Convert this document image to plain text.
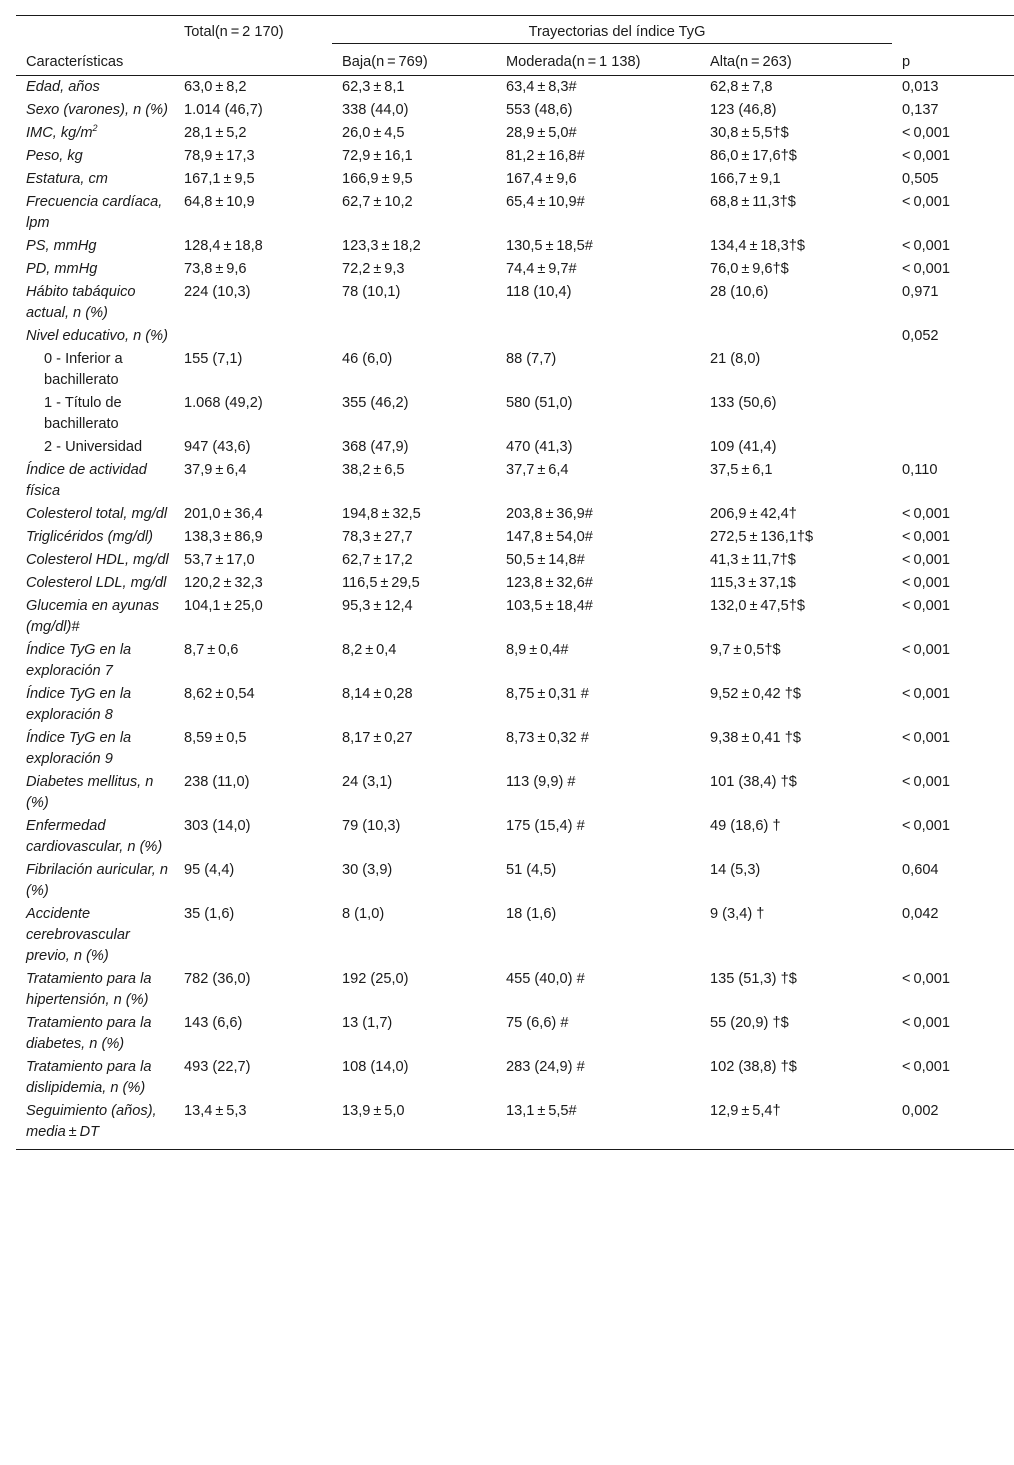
Características	Total(n = 2 170)	Trayectorias del índice TyG			
		Baja(n = 769)	Moderada(n = 1 138)	Alta(n = 263)	p
Edad, años	63,0 ± 8,2	62,3 ± 8,1	63,4 ± 8,3#	62,8 ± 7,8	0,013
Sexo (varones), n (%)	1.014 (46,7)	338 (44,0)	553 (48,6)	123 (46,8)	0,137
IMC, $kg/m^2$	28,1 ± 5,2	26,0 ± 4,5	28,9 ± 5,0#	30,8 ± 5,5†$	< 0,001
Peso, kg	78,9 ± 17,3	72,9 ± 16,1	81,2 ± 16,8#	86,0 ± 17,6†$	< 0,001
Estatura, cm	167,1 ± 9,5	166,9 ± 9,5	167,4 ± 9,6	166,7 ± 9,1	0,505
Frecuencia cardíaca, lpm	64,8 ± 10,9	62,7 ± 10,2	65,4 ± 10,9#	68,8 ± 11,3†$	< 0,001
PS, mmHg	128,4 ± 18,8	123,3 ± 18,2	130,5 ± 18,5#	134,4 ± 18,3†$	< 0,001
PD, mmHg	73,8 ± 9,6	72,2 ± 9,3	74,4 ± 9,7#	76,0 ± 9,6†$	< 0,001
Hábito tabáquico actual, n (%)	224 (10,3)	78 (10,1)	118 (10,4)	28 (10,6)	0,971
Nivel educativo, n (%)					0,052
0 - Inferior a bachillerato	155 (7,1)	46 (6,0)	88 (7,7)	21 (8,0)	
1 - Título de bachillerato	1.068 (49,2)	355 (46,2)	580 (51,0)	133 (50,6)	
2 - Universidad	947 (43,6)	368 (47,9)	470 (41,3)	109 (41,4)	
Índice de actividad física	37,9 ± 6,4	38,2 ± 6,5	37,7 ± 6,4	37,5 ± 6,1	0,110
Colesterol total, mg/dl	201,0 ± 36,4	194,8 ± 32,5	203,8 ± 36,9#	206,9 ± 42,4†	< 0,001
Triglicéridos (mg/dl)	138,3 ± 86,9	78,3 ± 27,7	147,8 ± 54,0#	272,5 ± 136,1†$	< 0,001
Colesterol HDL, mg/dl	53,7 ± 17,0	62,7 ± 17,2	50,5 ± 14,8#	41,3 ± 11,7†$	< 0,001
Colesterol LDL, mg/dl	120,2 ± 32,3	116,5 ± 29,5	123,8 ± 32,6#	115,3 ± 37,1$	< 0,001
Glucemia en ayunas (mg/dl)#	104,1 ± 25,0	95,3 ± 12,4	103,5 ± 18,4#	132,0 ± 47,5†$	< 0,001
Índice TyG en la exploración 7	8,7 ± 0,6	8,2 ± 0,4	8,9 ± 0,4#	9,7 ± 0,5†$	< 0,001
Índice TyG en la exploración 8	8,62 ± 0,54	8,14 ± 0,28	8,75 ± 0,31 #	9,52 ± 0,42 †$	< 0,001
Índice TyG en la exploración 9	8,59 ± 0,5	8,17 ± 0,27	8,73 ± 0,32 #	9,38 ± 0,41 †$	< 0,001
Diabetes mellitus, n (%)	238 (11,0)	24 (3,1)	113 (9,9) #	101 (38,4) †$	< 0,001
Enfermedad cardiovascular, n (%)	303 (14,0)	79 (10,3)	175 (15,4) #	49 (18,6) †	< 0,001
Fibrilación auricular, n (%)	95 (4,4)	30 (3,9)	51 (4,5)	14 (5,3)	0,604
Accidente cerebrovascular previo, n (%)	35 (1,6)	8 (1,0)	18 (1,6)	9 (3,4) †	0,042
Tratamiento para la hipertensión, n (%)	782 (36,0)	192 (25,0)	455 (40,0) #	135 (51,3) †$	< 0,001
Tratamiento para la diabetes, n (%)	143 (6,6)	13 (1,7)	75 (6,6) #	55 (20,9) †$	< 0,001
Tratamiento para la dislipidemia, n (%)	493 (22,7)	108 (14,0)	283 (24,9) #	102 (38,8) †$	< 0,001
Seguimiento (años), media ± DT	13,4 ± 5,3	13,9 ± 5,0	13,1 ± 5,5#	12,9 ± 5,4†	0,002
